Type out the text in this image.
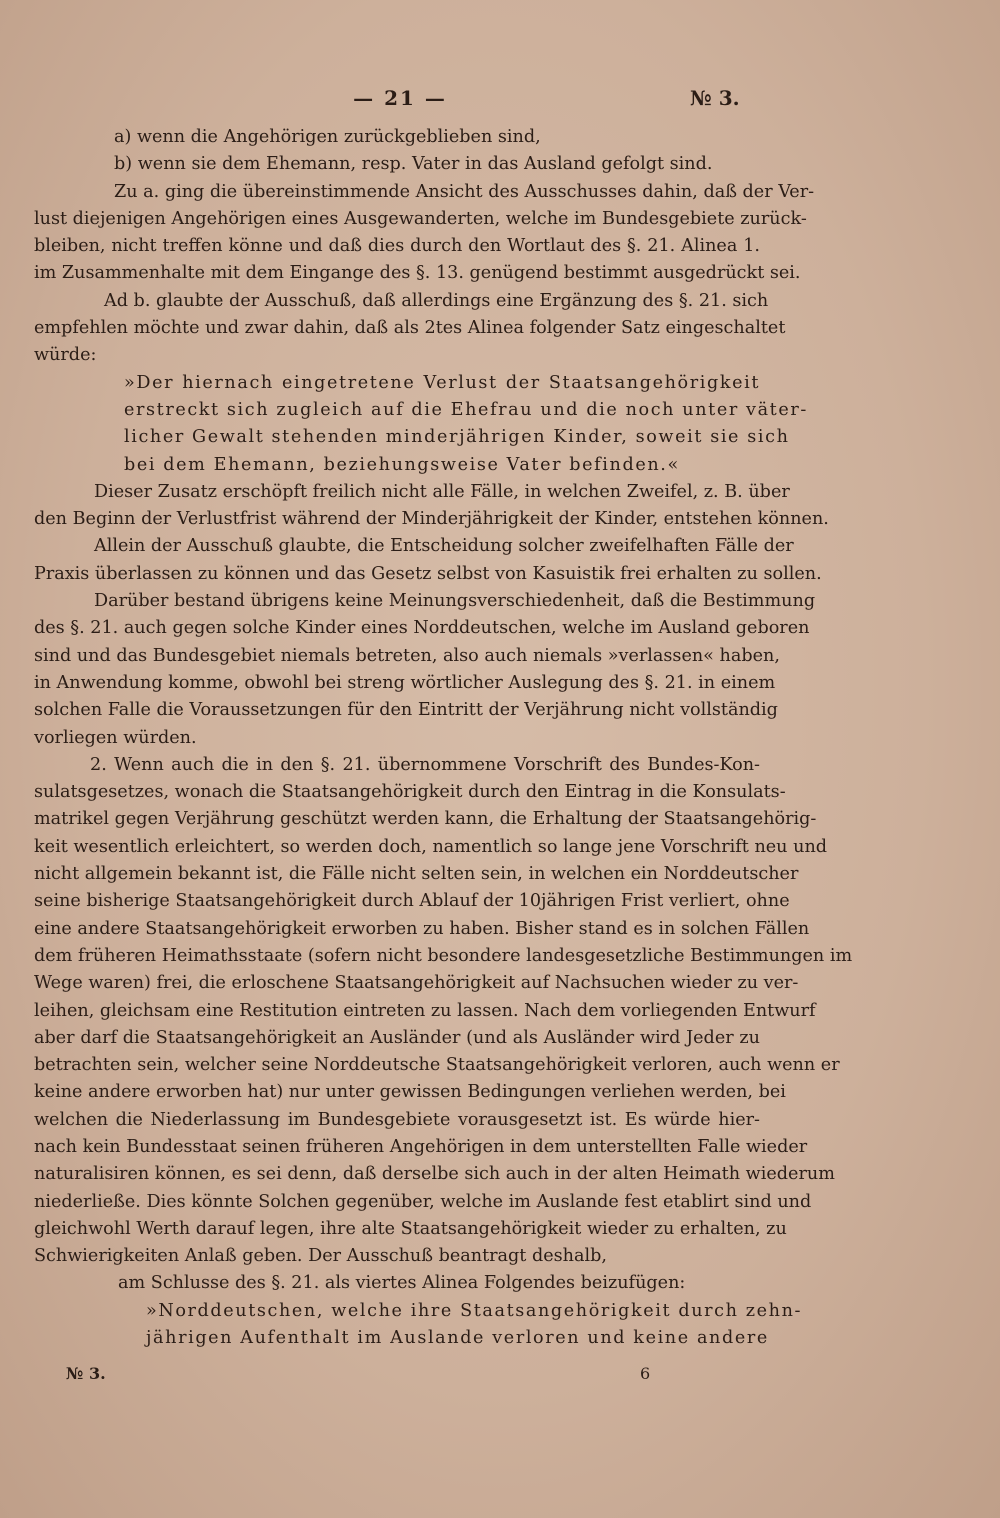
— 21 —	№ 3.
a) wenn die Angehörigen zurückgeblieben sind,
b) wenn sie dem Ehemann, resp. Vater in das Ausland gefolgt sind.
Zu a. ging die übereinstimmende Ansicht des Ausschusses dahin, daß der Ver-
lust diejenigen Angehörigen eines Ausgewanderten, welche im Bundesgebiete zurück-
bleiben, nicht treffen könne und daß dies durch den Wortlaut des §. 21. Alinea 1.
im Zusammenhalte mit dem Eingange des §. 13. genügend bestimmt ausgedrückt sei.
Ad b. glaubte der Ausschuß, daß allerdings eine Ergänzung des §. 21. sich
empfehlen möchte und zwar dahin, daß als 2tes Alinea folgender Satz eingeschaltet
würde:
»Der hiernach eingetretene Verlust der Staatsangehörigkeit
erstreckt sich zugleich auf die Ehefrau und die noch unter väter-
licher Gewalt stehenden minderjährigen Kinder, soweit sie sich
bei dem Ehemann, beziehungsweise Vater befinden.«
Dieser Zusatz erschöpft freilich nicht alle Fälle, in welchen Zweifel, z. B. über
den Beginn der Verlustfrist während der Minderjährigkeit der Kinder, entstehen können.
Allein der Ausschuß glaubte, die Entscheidung solcher zweifelhaften Fälle der
Praxis überlassen zu können und das Gesetz selbst von Kasuistik frei erhalten zu sollen.
Darüber bestand übrigens keine Meinungsverschiedenheit, daß die Bestimmung
des §. 21. auch gegen solche Kinder eines Norddeutschen, welche im Ausland geboren
sind und das Bundesgebiet niemals betreten, also auch niemals »verlassen« haben,
in Anwendung komme, obwohl bei streng wörtlicher Auslegung des §. 21. in einem
solchen Falle die Voraussetzungen für den Eintritt der Verjährung nicht vollständig
vorliegen würden.
2. Wenn auch die in den §. 21. übernommene Vorschrift des Bundes-Kon-
sulatsgesetzes, wonach die Staatsangehörigkeit durch den Eintrag in die Konsulats-
matrikel gegen Verjährung geschützt werden kann, die Erhaltung der Staatsangehörig-
keit wesentlich erleichtert, so werden doch, namentlich so lange jene Vorschrift neu und
nicht allgemein bekannt ist, die Fälle nicht selten sein, in welchen ein Norddeutscher
seine bisherige Staatsangehörigkeit durch Ablauf der 10jährigen Frist verliert, ohne
eine andere Staatsangehörigkeit erworben zu haben. Bisher stand es in solchen Fällen
dem früheren Heimathsstaate (sofern nicht besondere landesgesetzliche Bestimmungen im
Wege waren) frei, die erloschene Staatsangehörigkeit auf Nachsuchen wieder zu ver-
leihen, gleichsam eine Restitution eintreten zu lassen. Nach dem vorliegenden Entwurf
aber darf die Staatsangehörigkeit an Ausländer (und als Ausländer wird Jeder zu
betrachten sein, welcher seine Norddeutsche Staatsangehörigkeit verloren, auch wenn er
keine andere erworben hat) nur unter gewissen Bedingungen verliehen werden, bei
welchen die Niederlassung im Bundesgebiete vorausgesetzt ist. Es würde hier-
nach kein Bundesstaat seinen früheren Angehörigen in dem unterstellten Falle wieder
naturalisiren können, es sei denn, daß derselbe sich auch in der alten Heimath wiederum
niederließe. Dies könnte Solchen gegenüber, welche im Auslande fest etablirt sind und
gleichwohl Werth darauf legen, ihre alte Staatsangehörigkeit wieder zu erhalten, zu
Schwierigkeiten Anlaß geben. Der Ausschuß beantragt deshalb,
am Schlusse des §. 21. als viertes Alinea Folgendes beizufügen:
»Norddeutschen, welche ihre Staatsangehörigkeit durch zehn-
jährigen Aufenthalt im Auslande verloren und keine andere
№ 3.	6
